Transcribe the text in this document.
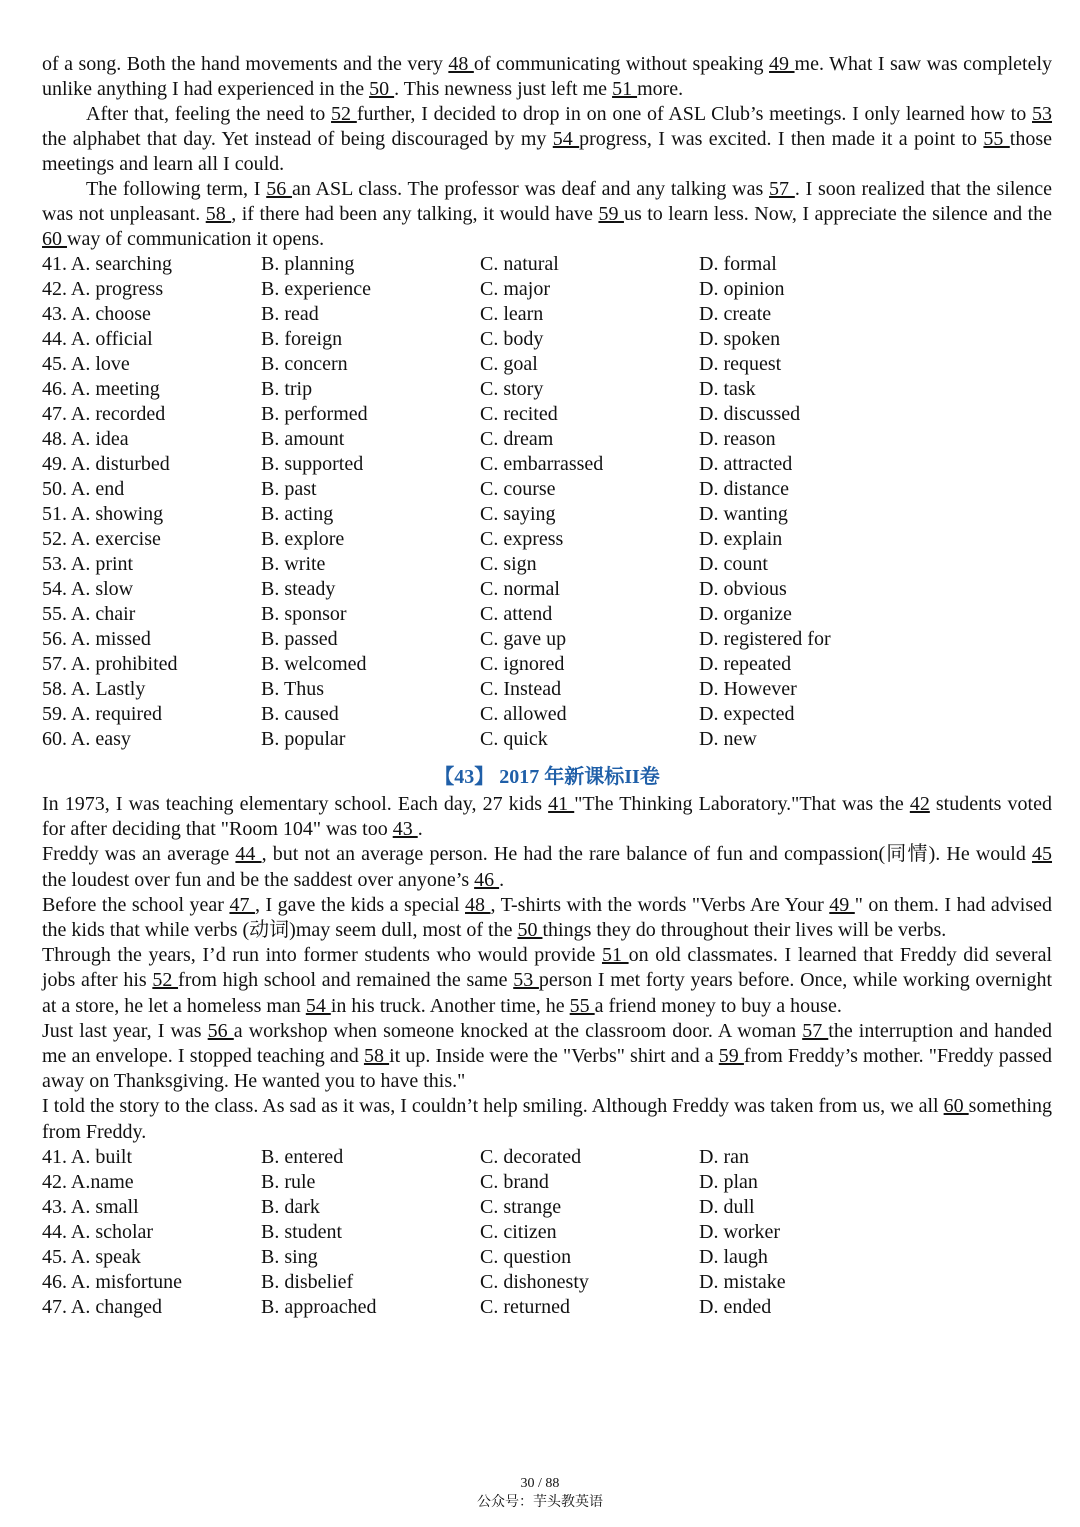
of a song. Both the hand movements and the very 48 of communicating without speaking 49 me. What I saw was completely unlike anything I had experienced in the 50 . This newness just left me 51 more.

After that, feeling the need to 52 further, I decided to drop in on one of ASL Club’s meetings. I only learned how to 53 the alphabet that day. Yet instead of being discouraged by my 54 progress, I was excited. I then made it a point to 55 those meetings and learn all I could.

The following term, I 56 an ASL class. The professor was deaf and any talking was 57 . I soon realized that the silence was not unpleasant. 58 , if there had been any talking, it would have 59 us to learn less. Now, I appreciate the silence and the 60 way of communication it opens.

41. A. searching	B. planning	C. natural	D. formal
42. A. progress	B. experience	C. major	D. opinion
43. A. choose	B. read	C. learn	D. create
44. A. official	B. foreign	C. body	D. spoken
45. A. love	B. concern	C. goal	D. request
46. A. meeting	B. trip	C. story	D. task
47. A. recorded	B. performed	C. recited	D. discussed
48. A. idea	B. amount	C. dream	D. reason
49. A. disturbed	B. supported	C. embarrassed	D. attracted
50. A. end	B. past	C. course	D. distance
51. A. showing	B. acting	C. saying	D. wanting
52. A. exercise	B. explore	C. express	D. explain
53. A. print	B. write	C. sign	D. count
54. A. slow	B. steady	C. normal	D. obvious
55. A. chair	B. sponsor	C. attend	D. organize
56. A. missed	B. passed	C. gave up	D. registered for
57. A. prohibited	B. welcomed	C. ignored	D. repeated
58. A. Lastly	B. Thus	C. Instead	D. However
59. A. required	B. caused	C. allowed	D. expected
60. A. easy	B. popular	C. quick	D. new
【43】 2017 年新课标II卷

In 1973, I was teaching elementary school. Each day, 27 kids 41 "The Thinking Laboratory."That was the 42 students voted for after deciding that "Room 104" was too 43 .

Freddy was an average 44 , but not an average person. He had the rare balance of fun and compassion(同情). He would 45 the loudest over fun and be the saddest over anyone’s 46 .

Before the school year 47 , I gave the kids a special 48 , T-shirts with the words "Verbs Are Your 49 " on them. I had advised the kids that while verbs (动词)may seem dull, most of the 50 things they do throughout their lives will be verbs.

Through the years, I’d run into former students who would provide 51 on old classmates. I learned that Freddy did several jobs after his 52 from high school and remained the same 53 person I met forty years before. Once, while working overnight at a store, he let a homeless man 54 in his truck. Another time, he 55 a friend money to buy a house.

Just last year, I was 56 a workshop when someone knocked at the classroom door. A woman 57 the interruption and handed me an envelope. I stopped teaching and 58 it up. Inside were the "Verbs" shirt and a 59 from Freddy’s mother. "Freddy passed away on Thanksgiving. He wanted you to have this."

I told the story to the class. As sad as it was, I couldn’t help smiling. Although Freddy was taken from us, we all 60 something from Freddy.

41. A. built	B. entered	C. decorated	D. ran
42. A.name	B. rule	C. brand	D. plan
43. A. small	B. dark	C. strange	D. dull
44. A. scholar	B. student	C. citizen	D. worker
45. A. speak	B. sing	C. question	D. laugh
46. A. misfortune	B. disbelief	C. dishonesty	D. mistake
47. A. changed	B. approached	C. returned	D. ended
30 / 88
公众号：芋头教英语
